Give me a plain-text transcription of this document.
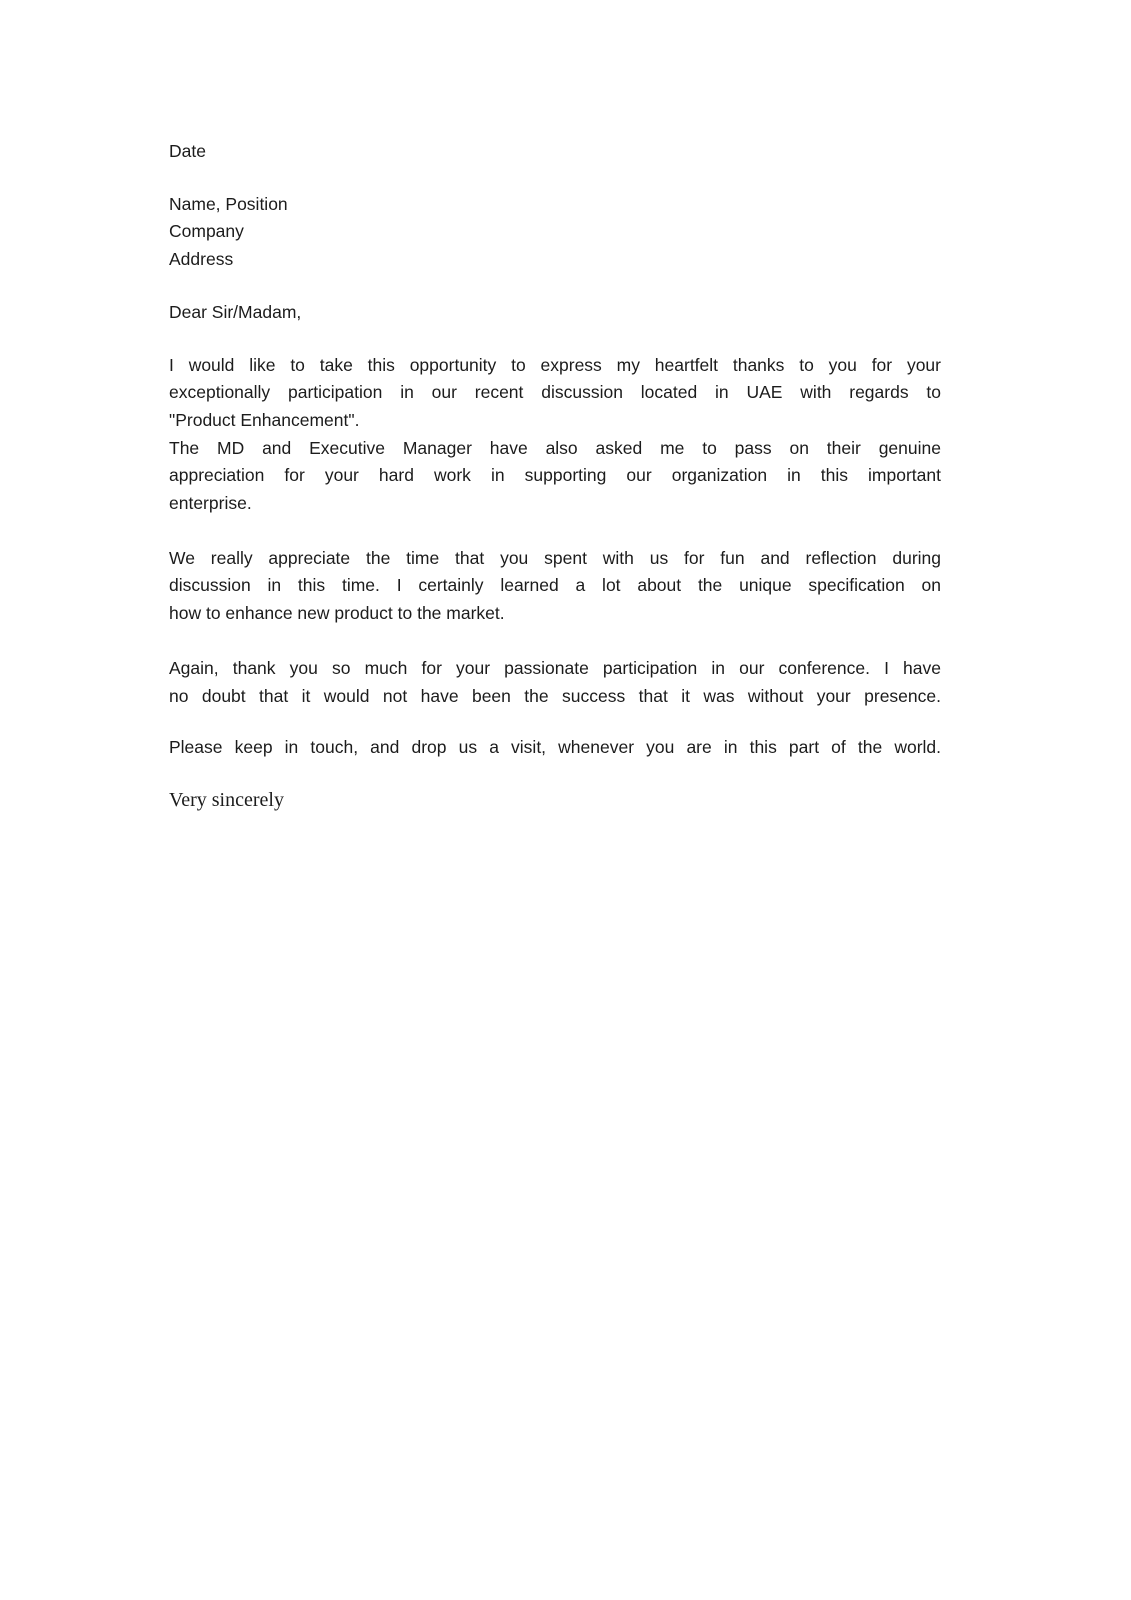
Date
Name, Position
Company
Address
Dear Sir/Madam,
I would like to take this opportunity to express my heartfelt thanks to you for your
exceptionally participation in our recent discussion located in UAE with regards to
"Product Enhancement".
The MD and Executive Manager have also asked me to pass on their genuine
appreciation for your hard work in supporting our organization in this important
enterprise.
We really appreciate the time that you spent with us for fun and reflection during
discussion in this time. I certainly learned a lot about the unique specification on
how to enhance new product to the market.
Again, thank you so much for your passionate participation in our conference. I have
no doubt that it would not have been the success that it was without your presence.
Please keep in touch, and drop us a visit, whenever you are in this part of the world.
Very sincerely
